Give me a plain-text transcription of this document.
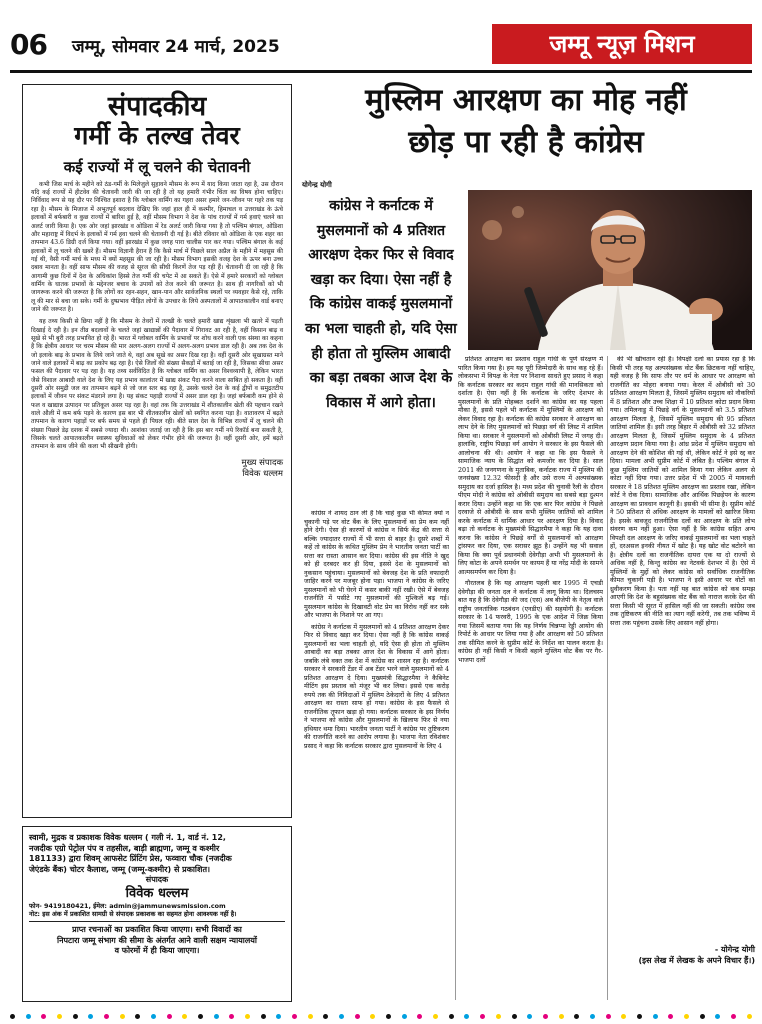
06 जम्मू, सोमवार 24 मार्च, 2025	जम्मू न्यूज़ मिशन
संपादकीय
गर्मी के तल्ख तेवर
कई राज्यों में लू चलने की चेतावनी

कभी जिस मार्च के महीने को ठंड-गर्मी के मिलेजुले सुहावने मौसम के रूप में याद किया जाता रहा है, उस दौरान यदि कई राज्यों में हीटवेव की चेतावनी जारी की जा रही है तो यह हमारी गंभीर चिंता का विषय होना चाहिए। निर्विवाद रूप से यह दौर पर निश्चित इशारा है कि ग्लोबल वार्मिंग का गहरा असर हमारे जन-जीवन पर गहरे तक पड़ रहा है। मौसम के मिजाज में अभूतपूर्व बदलाव देखिए कि जहां हाल ही में कश्मीर, हिमाचल व उत्तराखंड के ऊंचे इलाकों में बर्फबारी व कुछ राज्यों में बारिश हुई है, वहीं मौसम विभाग ने देश के पांच राज्यों में गर्म हवाएं चलने का अलर्ट जारी किया है। एक ओर जहां झारखंड व ओडिशा में रेड अलर्ट जारी किया गया है तो पश्चिम बंगाल, ओडिशा और महाराष्ट्र में विदर्भ के इलाकों में गर्म हवा चलने की चेतावनी दी गई है। बीते रविवार को ओडिशा के एक शहर का तापमान 43.6 डिग्री दर्ज किया गया। वहीं झारखंड में कुछ जगह पारा चालीस पार कर गया। पश्चिम बंगाल के कई इलाकों में लू चलने की खबरें हैं। मौसम विज्ञानी हैरान हैं कि कैसे मार्च में पिछले साल अप्रैल के महीने में महसूस की गई थी, वैसी गर्मी मार्च के मध्य में क्यों महसूस की जा रही है। मौसम विभाग इसकी वजह देश के ऊपर बना उच्च दबाव मानता है। वहीं साफ मौसम की वजह से सूरज की सीधी किरणें तेज पड़ रही हैं। चेतावनी दी जा रही है कि आगामी कुछ दिनों में देश के अधिकांश हिस्से तेज गर्मी की चपेट में आ सकते हैं। ऐसे में हमारे सरकारों को ग्लोबल वार्मिंग के घातक प्रभावों के मद्देनजर बचाव के उपायों को तेज करने की जरूरत है। साथ ही नागरिकों को भी जागरूक करने की जरूरत है कि लोगों का रहन-सहन, खान-पान और सार्वजनिक स्थलों पर व्यवहार कैसे रहे, ताकि लू की मार से बचा जा सके। गर्मी के दुष्प्रभाव पीड़ित लोगों के उपचार के लिये अस्पतालों में आपातकालीन वार्ड बनाए जाने की जरूरत है।

यह तथ्य किसी से छिपा नहीं है कि मौसम के तेवरों में तल्खी के चलते हमारी खाद्य शृंखला भी खतरे में पड़ती दिखाई दे रही है। इन तीव्र बदलावों के चलते जहां खाद्यान्नों की पैदावार में गिरावट आ रही है, वहीं किसान बाढ़ व सूखे से भी बुरी तरह प्रभावित हो रहे हैं। भारत में ग्लोबल वार्मिंग के प्रभावों पर शोध करने वाली एक संस्था का कहना है कि क्षेत्रीय आधार पर चरम मौसम की मार अलग-अलग राज्यों में अलग-अलग प्रभाव डाल रही है। अब तक देश के जो इलाके बाढ़ के प्रभाव के लिये जाने जाते थे, वहां अब सूखे का असर दिख रहा है। वहीं दूसरी ओर सूखाग्रस्त माने जाने वाले इलाकों में बाढ़ का प्रकोप बढ़ रहा है। ऐसे जिलों की संख्या सैकड़ों में बताई जा रही है, जिसका सीधा असर फसल की पैदावार पर पड़ रहा है। यह तथ्य सर्वविदित है कि ग्लोबल वार्मिंग का असर विश्वव्यापी है, लेकिन भारत जैसे विशाल आबादी वाले देश के लिए यह प्रभाव कालांतर में खाद्य संकट पैदा करने वाला साबित हो सकता है। वहीं दूसरी ओर समुद्री जल का तापमान बढ़ने से जो जल स्तर बढ़ रहा है, उसके चलते देश के कई द्वीपों व समुद्रतटीय इलाकों में जीवन पर संकट मंडराने लगा है। यह संकट पहाड़ी राज्यों में असर डाल रहा है। जहां बर्फबारी कम होने से फल व खाद्यान्न उत्पादन पर प्रतिकूल असर पड़ रहा है। वहां तक कि उत्तराखंड में शीतकालीन खेती की पहचान रखने वाले औली में कम बर्फ पड़ने के कारण इस बार भी शीतकालीन खेलों को स्थगित करना पड़ा है। वातावरण में बढ़ते तापमान के कारण पहाड़ों पर बर्फ समय से पहले ही पिघल रही। बीते साल देश के विभिन्न राज्यों में लू चलने की संख्या पिछले डेढ़ दशक में सबसे ज्यादा थी। आशंका जताई जा रही है कि इस बार गर्मी नये रिकॉर्ड बना सकती है, जिसके चलते आपातकालीन स्वास्थ्य सुविधाओं को लेकर गंभीर होने की जरूरत है। वहीं दूसरी ओर, हमें बढ़ते तापमान के साथ जीने की कला भी सीखनी होगी।

मुख्य संपादक
विवेक धल्लम
स्वामी, मुद्रक व प्रकाशक विवेक धल्लम ( गली नं. 1, वार्ड नं. 12,
नजदीक एग्रो पेट्रोल पंप व तहसील, बाड़ी ब्राह्मणा, जम्मू व कश्मीर
181133) द्वारा शिवम् आफसेट प्रिंटिंग प्रेस, फव्वारा चौक (नजदीक
जेएंडके बैंक) चोटर कैलाश, जम्मू (जम्मू-कश्मीर) से प्रकाशित।
संपादक
विवेक धल्लम
फोन- 9419180421, ईमेल: admin@jammunewsmission.com
नोट: इस अंक में प्रकाशित सामग्री से संपादक प्रकाशक का सहमत होना आवश्यक नहीं है।
प्राप्त रचनाओं का प्रकाशित किया जाएगा। सभी विवादों का
निपटारा जम्मू संभाग की सीमा के अंतर्गत आने वाली सक्षम न्यायालयों
व फोरमों में ही किया जाएगा।
मुस्लिम आरक्षण का मोह नहीं
छोड़ पा रही है कांग्रेस
योगेन्द्र योगी

कांग्रेस ने कर्नाटक में मुसलमानों को 4 प्रतिशत आरक्षण देकर फिर से विवाद खड़ा कर दिया। ऐसा नहीं है कि कांग्रेस वाकई मुसलमानों का भला चाहती हो, यदि ऐसा ही होता तो मुस्लिम आबादी का बड़ा तबका आज देश के विकास में आगे होता।

कांग्रेस ने शायद ठान ली है कि चाहे कुछ भी कीमत क्यों न चुकानी पड़े पर वोट बैंक के लिए मुसलमानों का प्रेम कम नहीं होने देगी। ऐसा ही कारणों से कांग्रेस न सिर्फ केंद्र की सत्ता से बल्कि ज्यादातर राज्यों में भी सत्ता से बाहर है। दूसरे शब्दों में कहें तो कांग्रेस के कथित मुस्लिम प्रेम ने भारतीय जनता पार्टी का सत्ता का रास्ता आसान कर दिया। कांग्रेस की इस नीति ने खुद को ही दरबदर कर ही दिया, इससे देश के मुसलमानों को नुकसान पहुंचाया। मुसलमानों को बेवजह देश के प्रति वफादारी जाहिर करने पर मजबूर होना पड़ा। भाजपा ने कांग्रेस के जरिए मुसलमानों को भी घेरने में कसर बाकी नहीं रखी। ऐसे में बेवजह राजनीति में पसीटे गए मुसलमानों की मुश्किलें बढ़ गई। मुसलमान कांग्रेस के दिखावटी वोट प्रेम का विरोध नहीं कर सके और भाजपा के निशाने पर आ गए।

कांग्रेस ने कर्नाटक में मुसलमानों को 4 प्रतिशत आरक्षण देकर फिर से विवाद खड़ा कर दिया। ऐसा नहीं है कि कांग्रेस वाकई मुसलमानों का भला चाहती हो, यदि ऐसा ही होता तो मुस्लिम आबादी का बड़ा तबका आज देश के विकास में आगे होता। जबकि लंबे वक्त तक देश में कांग्रेस का शासन रहा है। कर्नाटक सरकार ने सरकारी टेंडर में अब टेंडर भरने वाले मुसलमानों को 4 प्रतिशत आरक्षण दे दिया। मुख्यमंत्री सिद्धारमैया ने कैबिनेट मीटिंग इस प्रस्ताव को मंजूर भी कर लिया। इससे एक करोड़ रुपये तक की निविदाओं में मुस्लिम ठेकेदारों के लिए 4 प्रतिशत आरक्षण का रास्ता साफ हो गया। कांग्रेस के इस फैसले से राजनीतिक तूफान खड़ा हो गया। कर्नाटक सरकार के इस निर्णय ने भाजपा को कांग्रेस और मुसलमानों के खिलाफ फिर से नया हथियार थमा दिया। भारतीय जनता पार्टी ने कांग्रेस पर तुष्टिकरण की राजनीति करने का आरोप लगाया है। भाजपा नेता रविशंकर प्रसाद ने कहा कि कर्नाटक सरकार द्वारा मुसलमानों के लिए 4

प्रतिशत आरक्षण का प्रस्ताव राहुल गांधी के पूर्ण संरक्षण में पारित किया गया है। हम यह पूरी जिम्मेदारी के साथ कह रहे हैं। लोकसभा में विपक्ष के नेता पर निशाना साधते हुए प्रसाद ने कहा कि कर्नाटक सरकार का कदम राहुल गांधी की मानसिकता को दर्शाता है। ऐसा नहीं है कि कर्नाटक के जरिए देशभर के मुसलमानों के प्रति मोहब्बत दर्शाने का कांग्रेस का यह पहला मौका है, इससे पहले भी कर्नाटक में मुस्लिमों के आरक्षण को लेकर विवाद रहा है। कर्नाटक की कांग्रेस सरकार ने आरक्षण का लाभ देने के लिए मुसलमानों को पिछड़ा वर्ग की लिस्ट में शामिल किया था। सरकार ने मुसलमानों को ओबीसी लिस्ट में जगह दी। हालांकि, राष्ट्रीय पिछड़ा वर्ग आयोग ने सरकार के इस फैसले की आलोचना की थी। आयोग ने कहा था कि इस फैसले ने सामाजिक न्याय के सिद्धांत को कमजोर कर दिया है। साल 2011 की जनगणना के मुताबिक, कर्नाटक राज्य में मुस्लिम की जनसंख्या 12.32 फीसदी है और उसे राज्य में अल्पसंख्यक समुदाय का दर्जा हासिल है। मध्य प्रदेश की चुनावी रैली के दौरान पीएम मोदी ने कांग्रेस को ओबीसी समुदाय का सबसे बड़ा दुश्मन करार दिया। उन्होंने कहा था कि एक बार फिर कांग्रेस ने पिछले दरवाजे से ओबीसी के साथ सभी मुस्लिम जातियों को शामिल करके कर्नाटक में धार्मिक आधार पर आरक्षण दिया है। विवाद बढ़ा तो कर्नाटक के मुख्यमंत्री सिद्धारमैया ने कहा कि यह दावा करना कि कांग्रेस ने पिछड़े वर्गों से मुसलमानों को आरक्षण ट्रांसफर कर दिया, एक सरासर झूठ है। उन्होंने यह भी सवाल किया कि क्या पूर्व प्रधानमंत्री देवेगौड़ा अभी भी मुसलमानों के लिए कोटा के अपने समर्थन पर कायम हैं या नरेंद्र मोदी के सामने आत्मसमर्पण कर दिया है।

गौरतलब है कि यह आरक्षण पहली बार 1995 में एचडी देवेगौड़ा की जनता दल ने कर्नाटक में लागू किया था। दिलचस्प बात यह है कि देवेगौड़ा की जद (एस) अब बीजेपी के नेतृत्व वाले राष्ट्रीय जनतांत्रिक गठबंधन (एनडीए) की सहयोगी है। कर्नाटक सरकार के 14 फरवरी, 1995 के एक आदेश में जिक्र किया गया जिसमें बताया गया कि यह निर्णय चिन्नप्पा रेड्डी आयोग की रिपोर्ट के आधार पर लिया गया है और आरक्षण को 50 प्रतिशत तक सीमित करने के सुप्रीम कोर्ट के निर्देश का पालन करता है। कांग्रेस ही नहीं किसी न किसी बहाने मुस्लिम वोट बैंक पर गैर-भाजपा दलों

की भी खींचतान रही है। विपक्षी दलों का प्रयास रहा है कि किसी भी तरह यह अल्पसंख्यक वोट बैंक छिटकना नहीं चाहिए, यही वजह है कि साफ तौर पर धर्म के आधार पर आरक्षण को राजनीति का मोहरा बनाया गया। केरल में ओबीसी को 30 प्रतिशत आरक्षण मिलता है, जिसमें मुस्लिम समुदाय को नौकरियों में 8 प्रतिशत और उच्च शिक्षा में 10 प्रतिशत कोटा प्रदान किया गया। तमिलनाडु में पिछड़े वर्ग के मुसलमानों को 3.5 प्रतिशत आरक्षण मिलता है, जिसमें मुस्लिम समुदाय की 95 प्रतिशत जातियां शामिल हैं। इसी तरह बिहार में ओबीसी को 32 प्रतिशत आरक्षण मिलता है, जिसमें मुस्लिम समुदाय के 4 प्रतिशत आरक्षण प्रदान किया गया है। आंध्र प्रदेश में मुस्लिम समुदाय को आरक्षण देने की कोशिश की गई थी, लेकिन कोर्ट ने इसे रद्द कर दिया। मामला अभी सुप्रीम कोर्ट में लंबित है। पश्चिम बंगाल में कुछ मुस्लिम जातियों को शामिल किया गया लेकिन अलग से कोटा नहीं दिया गया। उत्तर प्रदेश में भी 2005 में मायावती सरकार ने 18 प्रतिशत मुस्लिम आरक्षण का प्रस्ताव रखा, लेकिन कोर्ट ने रोक दिया। सामाजिक और आर्थिक पिछड़ेपन के कारण आरक्षण का प्रावधान कानूनी है। इसकी भी सीमा है। सुप्रीम कोर्ट ने 50 प्रतिशत से अधिक आरक्षण के मामलों को खारिज किया है। इसके बावजूद राजनीतिक दलों का आरक्षण के प्रति लोभ संवरण कम नहीं हुआ। ऐसा नहीं है कि कांग्रेस सहित अन्य विपक्षी दल आरक्षण के जरिए वाकई मुसलमानों का भला चाहते हों, दरअसल इनकी नीयत में खोट है। यह खोट वोट बटोरने का है। क्षेत्रीय दलों का राजनीतिक दायरा एक या दो राज्यों से अधिक नहीं है, किन्तु कांग्रेस का नेटवर्क देशभर में है। ऐसे में मुस्लिमों के मुद्दों को लेकर कांग्रेस को सर्वाधिक राजनीतिक कीमत चुकानी पड़ी है। भाजपा ने इसी आधार पर वोटों का ध्रुवीकरण किया है। पता नहीं यह बात कांग्रेस को कब समझ आएगी कि देश के बहुसंख्यक वोट बैंक को नाराज करके देश की सत्ता किसी भी सूरत में हासिल नहीं की जा सकती। कांग्रेस जब तक तुष्टिकरण की नीति का त्याग नहीं करेगी, तब तक भविष्य में सत्ता तक पहुंचना उसके लिए आसान नहीं होगा।

- योगेन्द्र योगी
(इस लेख में लेखक के अपने विचार हैं।)
